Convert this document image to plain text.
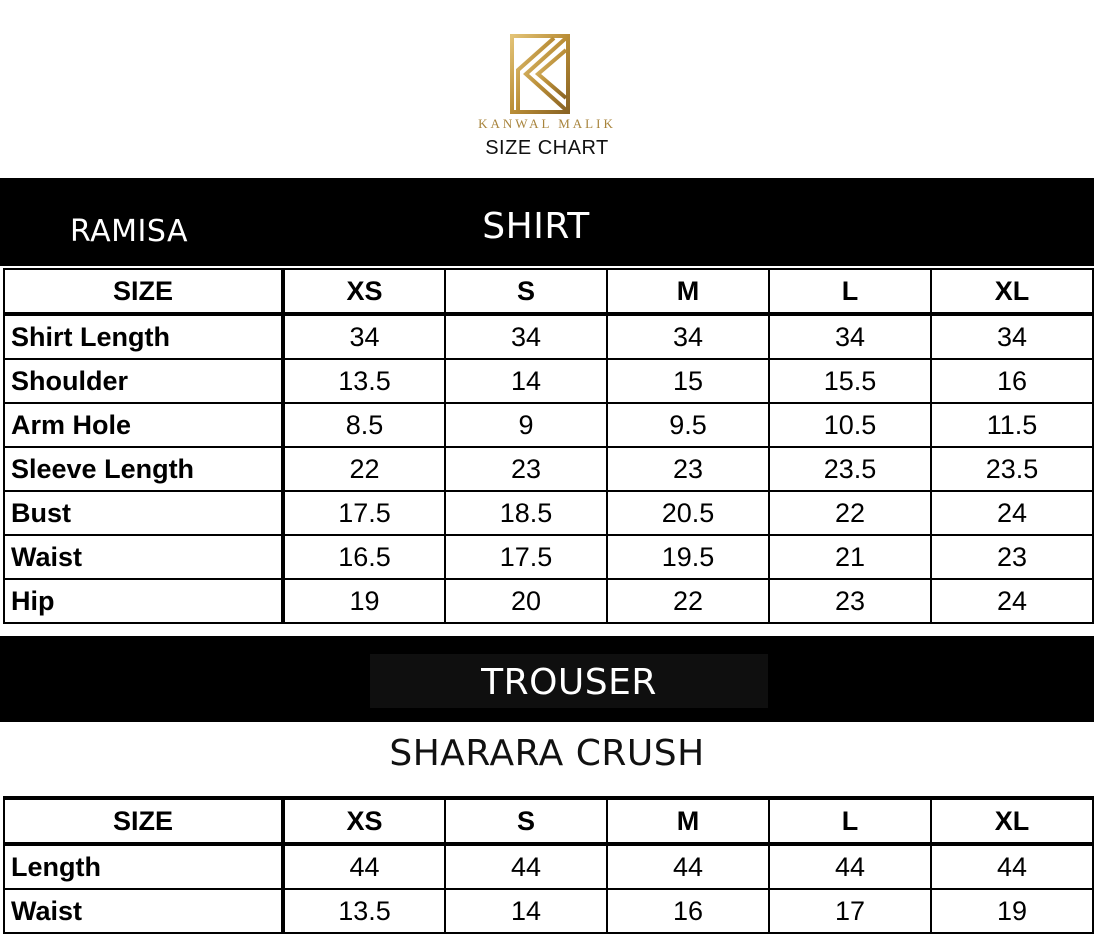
KANWAL MALIK
SIZE CHART
RAMISA	SHIRT
SIZE	XS	S	M	L	XL
Shirt Length	34	34	34	34	34
Shoulder	13.5	14	15	15.5	16
Arm Hole	8.5	9	9.5	10.5	11.5
Sleeve Length	22	23	23	23.5	23.5
Bust	17.5	18.5	20.5	22	24
Waist	16.5	17.5	19.5	21	23
Hip	19	20	22	23	24
TROUSER
SHARARA CRUSH
SIZE	XS	S	M	L	XL
Length	44	44	44	44	44
Waist	13.5	14	16	17	19
